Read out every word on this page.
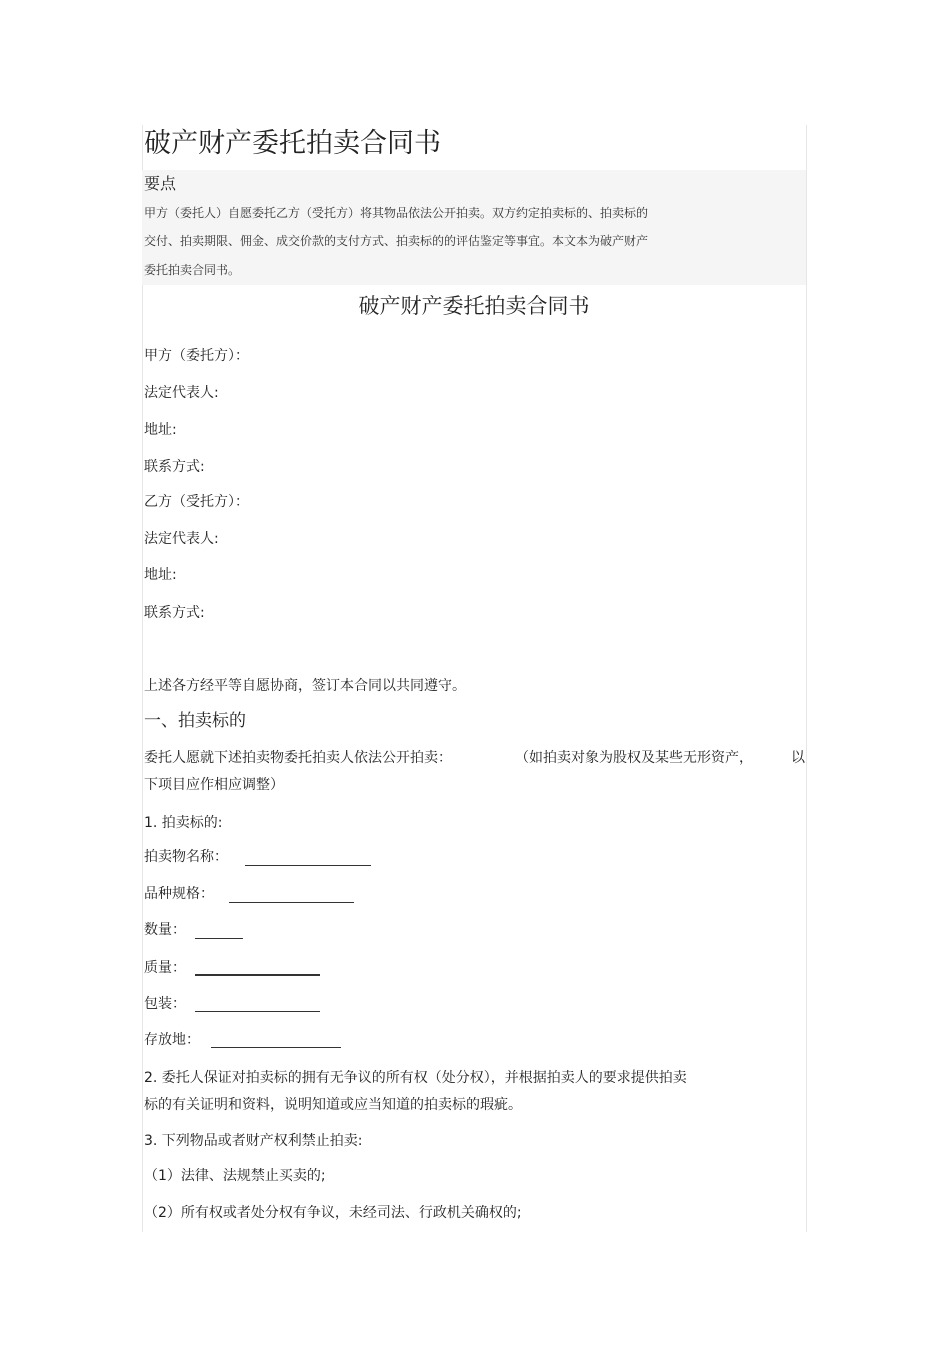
破产财产委托拍卖合同书
要点
甲方（委托人）自愿委托乙方（受托方）将其物品依法公开拍卖。双方约定拍卖标的、拍卖标的
交付、拍卖期限、佣金、成交价款的支付方式、拍卖标的的评估鉴定等事宜。本文本为破产财产
委托拍卖合同书。
破产财产委托拍卖合同书
甲方（委托方）：
法定代表人:
地址:
联系方式:
乙方（受托方）：
法定代表人:
地址:
联系方式:
上述各方经平等自愿协商，签订本合同以共同遵守。
一、拍卖标的
委托人愿就下述拍卖物委托拍卖人依法公开拍卖：	（如拍卖对象为股权及某些无形资产，	以
下项目应作相应调整）
1. 拍卖标的:
拍卖物名称：
品种规格：
数量：
质量：
包装：
存放地：
2. 委托人保证对拍卖标的拥有无争议的所有权（处分权），并根据拍卖人的要求提供拍卖
标的有关证明和资料，说明知道或应当知道的拍卖标的瑕疵。
3. 下列物品或者财产权利禁止拍卖:
（1）法律、法规禁止买卖的;
（2）所有权或者处分权有争议，未经司法、行政机关确权的;
